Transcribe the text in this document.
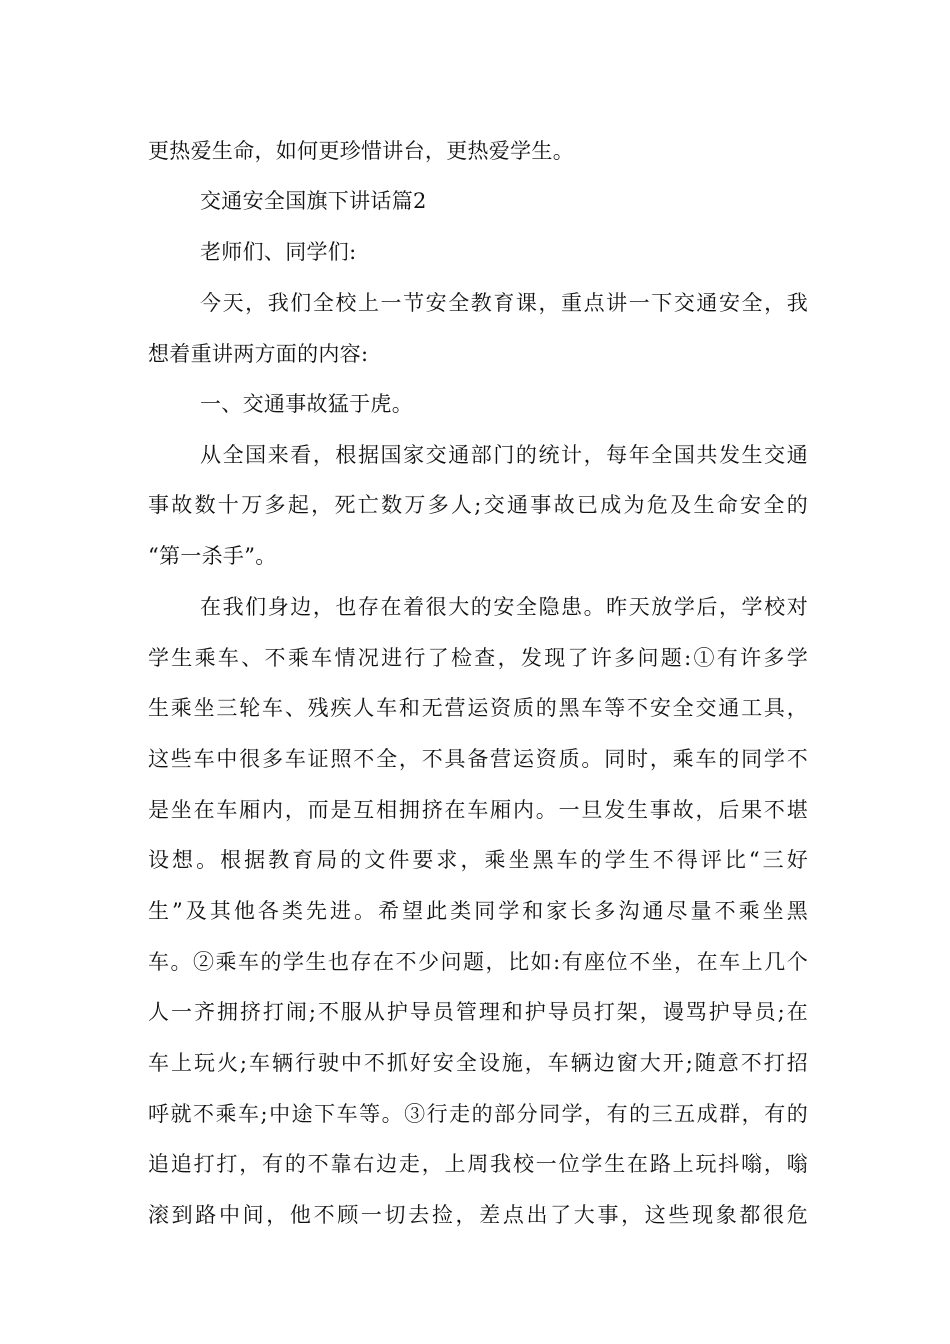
更热爱生命，如何更珍惜讲台，更热爱学生。
交通安全国旗下讲话篇2
老师们、同学们:
今天，我们全校上一节安全教育课，重点讲一下交通安全，我
想着重讲两方面的内容:
一、交通事故猛于虎。
从全国来看，根据国家交通部门的统计，每年全国共发生交通
事故数十万多起，死亡数万多人;交通事故已成为危及生命安全的
“第一杀手”。
在我们身边，也存在着很大的安全隐患。昨天放学后，学校对
学生乘车、不乘车情况进行了检查，发现了许多问题:①有许多学
生乘坐三轮车、残疾人车和无营运资质的黑车等不安全交通工具，
这些车中很多车证照不全，不具备营运资质。同时，乘车的同学不
是坐在车厢内，而是互相拥挤在车厢内。一旦发生事故，后果不堪
设想。根据教育局的文件要求，乘坐黑车的学生不得评比“三好
生”及其他各类先进。希望此类同学和家长多沟通尽量不乘坐黑
车。②乘车的学生也存在不少问题，比如:有座位不坐，在车上几个
人一齐拥挤打闹;不服从护导员管理和护导员打架，谩骂护导员;在
车上玩火;车辆行驶中不抓好安全设施，车辆边窗大开;随意不打招
呼就不乘车;中途下车等。③行走的部分同学，有的三五成群，有的
追追打打，有的不靠右边走，上周我校一位学生在路上玩抖嗡，嗡
滚到路中间，他不顾一切去捡，差点出了大事，这些现象都很危
